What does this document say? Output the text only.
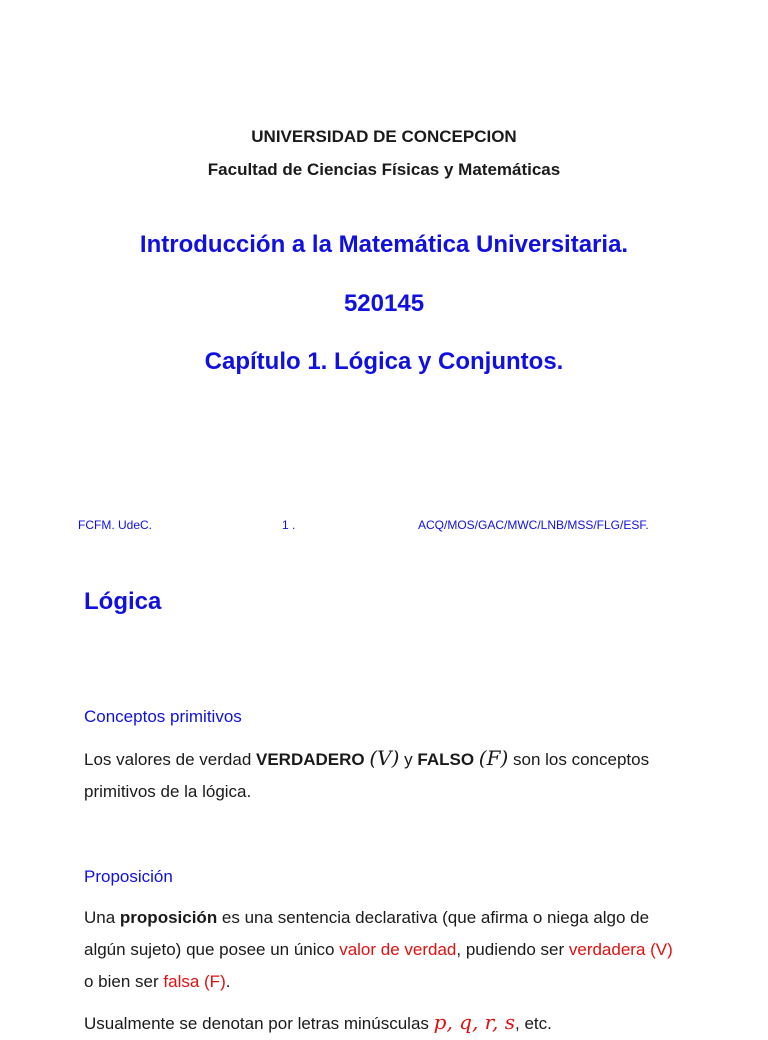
UNIVERSIDAD DE CONCEPCION
Facultad de Ciencias Físicas y Matemáticas
Introducción a la Matemática Universitaria.
520145
Capítulo 1. Lógica y Conjuntos.
FCFM. UdeC.	1 .	ACQ/MOS/GAC/MWC/LNB/MSS/FLG/ESF.
Lógica
Conceptos primitivos
Los valores de verdad VERDADERO (V) y FALSO (F) son los conceptos primitivos de la lógica.
Proposición
Una proposición es una sentencia declarativa (que afirma o niega algo de algún sujeto) que posee un único valor de verdad, pudiendo ser verdadera (V) o bien ser falsa (F).
Usualmente se denotan por letras minúsculas p, q, r, s, etc.
